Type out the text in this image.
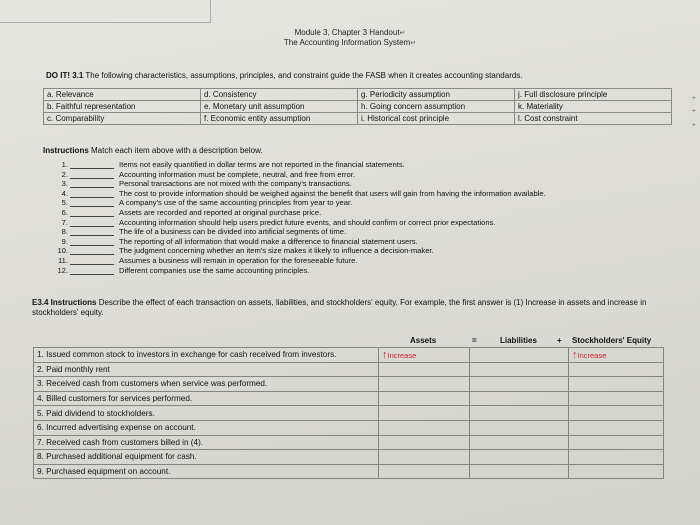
Module 3, Chapter 3 Handout↵
The Accounting Information System↵
DO IT! 3.1 The following characteristics, assumptions, principles, and constraint guide the FASB when it creates accounting standards.
a. Relevance	d. Consistency	g. Periodicity assumption	j. Full disclosure principle
b. Faithful representation	e. Monetary unit assumption	h. Going concern assumption	k. Materiality
c. Comparability	f. Economic entity assumption	i. Historical cost principle	l. Cost constraint
Instructions Match each item above with a description below.
1.	Items not easily quantified in dollar terms are not reported in the financial statements.
2.	Accounting information must be complete, neutral, and free from error.
3.	Personal transactions are not mixed with the company's transactions.
4.	The cost to provide information should be weighed against the benefit that users will gain from having the information available.
5.	A company's use of the same accounting principles from year to year.
6.	Assets are recorded and reported at original purchase price.
7.	Accounting information should help users predict future events, and should confirm or correct prior expectations.
8.	The life of a business can be divided into artificial segments of time.
9.	The reporting of all information that would make a difference to financial statement users.
10.	The judgment concerning whether an item's size makes it likely to influence a decision-maker.
11.	Assumes a business will remain in operation for the foreseeable future.
12.	Different companies use the same accounting principles.
E3.4 Instructions Describe the effect of each transaction on assets, liabilities, and stockholders' equity. For example, the first answer is (1) Increase in assets and increase in stockholders' equity.
Assets	=	Liabilities	+ Stockholders' Equity
1. Issued common stock to investors in exchange for cash received from investors.	↑Increase		↑Increase
2. Paid monthly rent			
3. Received cash from customers when service was performed.			
4. Billed customers for services performed.			
5. Paid dividend to stockholders.			
6. Incurred advertising expense on account.			
7. Received cash from customers billed in (4).			
8. Purchased additional equipment for cash.			
9. Purchased equipment on account.			
+
+
+
